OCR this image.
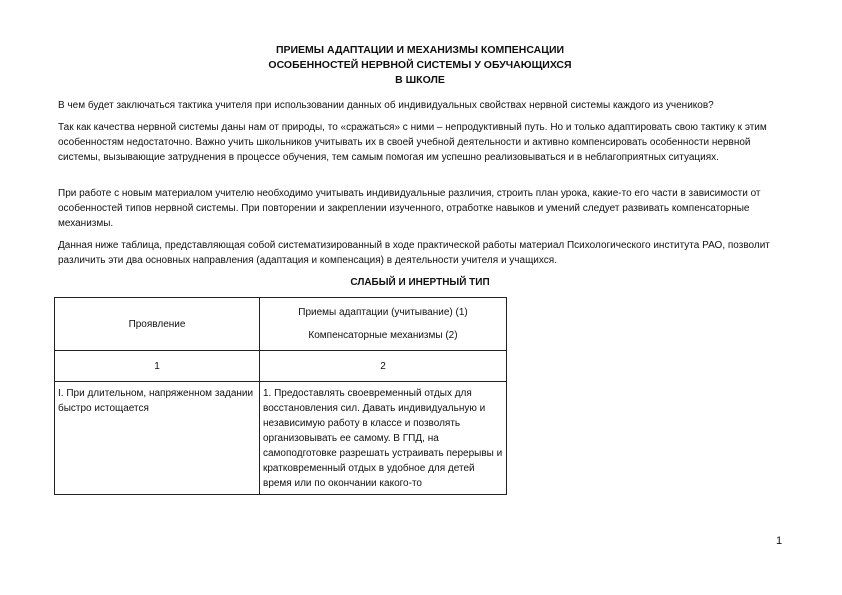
ПРИЕМЫ АДАПТАЦИИ И МЕХАНИЗМЫ КОМПЕНСАЦИИ
ОСОБЕННОСТЕЙ НЕРВНОЙ СИСТЕМЫ У ОБУЧАЮЩИХСЯ
В ШКОЛЕ

В чем будет заключаться тактика учителя при использовании данных об индивидуальных свойствах нервной системы каждого из учеников?

Так как качества нервной системы даны нам от природы, то «сражаться» с ними – непродуктивный путь. Но и только адаптировать свою тактику к этим особенностям недостаточно. Важно учить школьников учитывать их в своей учебной деятельности и активно компенсировать особенности нервной системы, вызывающие затруднения в процессе обучения, тем самым помогая им успешно реализовываться и в неблагоприятных ситуациях.

При работе с новым материалом учителю необходимо учитывать индивидуальные различия, строить план урока, какие-то его части в зависимости от особенностей типов нервной системы. При повторении и закреплении изученного, отработке навыков и умений следует развивать компенсаторные механизмы.

Данная ниже таблица, представляющая собой систематизированный в ходе практической работы материал Психологического института РАО, позволит различить эти два основных направления (адаптация и компенсация) в деятельности учителя и учащихся.

СЛАБЫЙ И ИНЕРТНЫЙ ТИП
Проявление	Приемы адаптации (учитывание) (1)
Компенсаторные механизмы (2)

1	2

I. При длительном, напряженном задании быстро истощается	1. Предоставлять своевременный отдых для восстановления сил. Давать индивидуальную и независимую работу в классе и позволять организовывать ее самому. В ГПД, на самоподготовке разрешать устраивать перерывы и кратковременный отдых в удобное для детей время или по окончании какого-то
1
